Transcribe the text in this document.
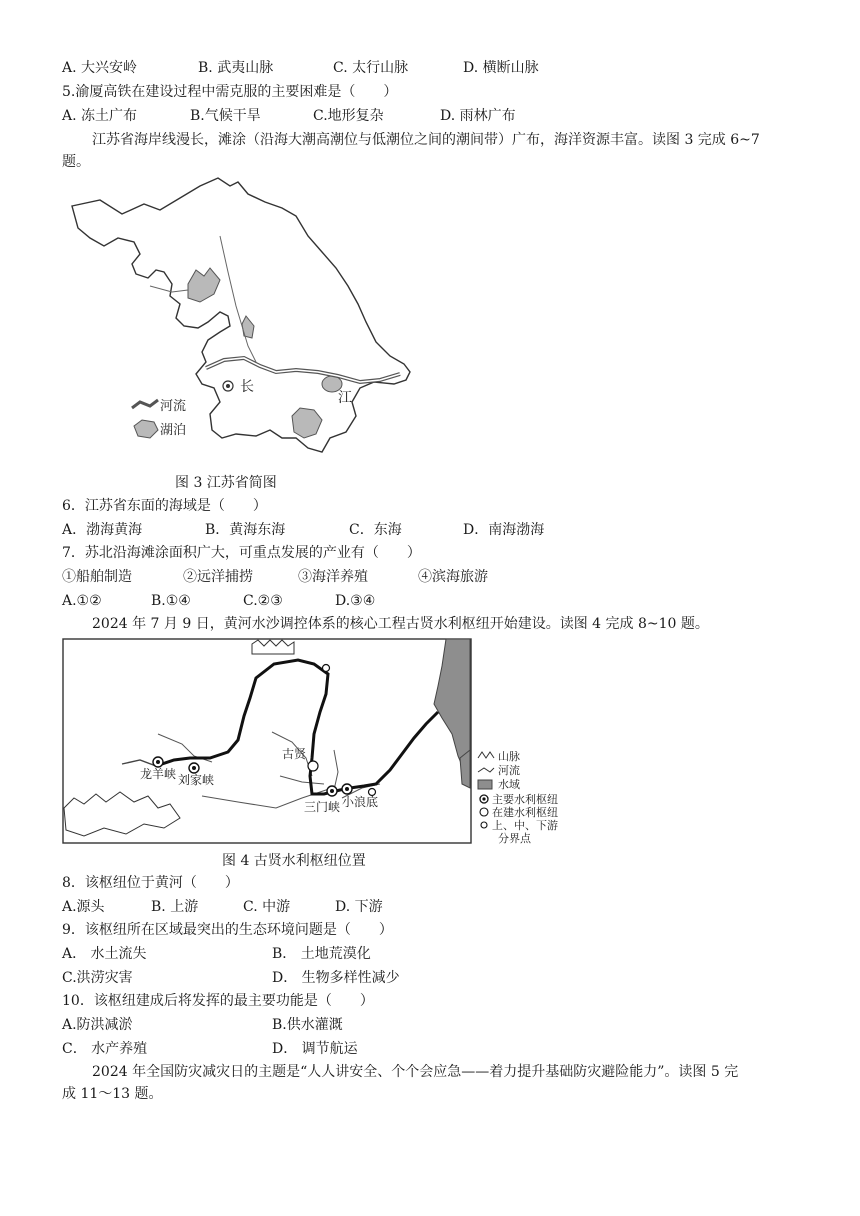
A. 大兴安岭	B. 武夷山脉	C. 太行山脉	D. 横断山脉
5.渝厦高铁在建设过程中需克服的主要困难是（　　）
A. 冻土广布	B.气候干旱	C.地形复杂	D. 雨林广布
江苏省海岸线漫长，滩涂（沿海大潮高潮位与低潮位之间的潮间带）广布，海洋资源丰富。读图 3 完成 6~7
题。
长
江
河流
湖泊
图 3 江苏省简图
6．江苏省东面的海域是（　　）
A．渤海黄海	B．黄海东海	C．东海	D．南海渤海
7．苏北沿海滩涂面积广大，可重点发展的产业有（　　）
①船舶制造	②远洋捕捞	③海洋养殖	④滨海旅游
A.①②	B.①④	C.②③	D.③④
2024 年 7 月 9 日，黄河水沙调控体系的核心工程古贤水利枢纽开始建设。读图 4 完成 8~10 题。
龙羊峡 刘家峡
古贤
三门峡 小浪底
山脉
河流
水域
主要水利枢纽
在建水利枢纽
上、中、下游
分界点
图 4 古贤水利枢纽位置
8．该枢纽位于黄河（　　）
A.源头	B. 上游	C. 中游	D. 下游
9．该枢纽所在区域最突出的生态环境问题是（　　）
A． 水土流失	B． 土地荒漠化
C.洪涝灾害	D． 生物多样性减少
10．该枢纽建成后将发挥的最主要功能是（　　）
A.防洪减淤	B.供水灌溉
C． 水产养殖	D． 调节航运
2024 年全国防灾减灾日的主题是“人人讲安全、个个会应急——着力提升基础防灾避险能力”。读图 5 完
成 11～13 题。
